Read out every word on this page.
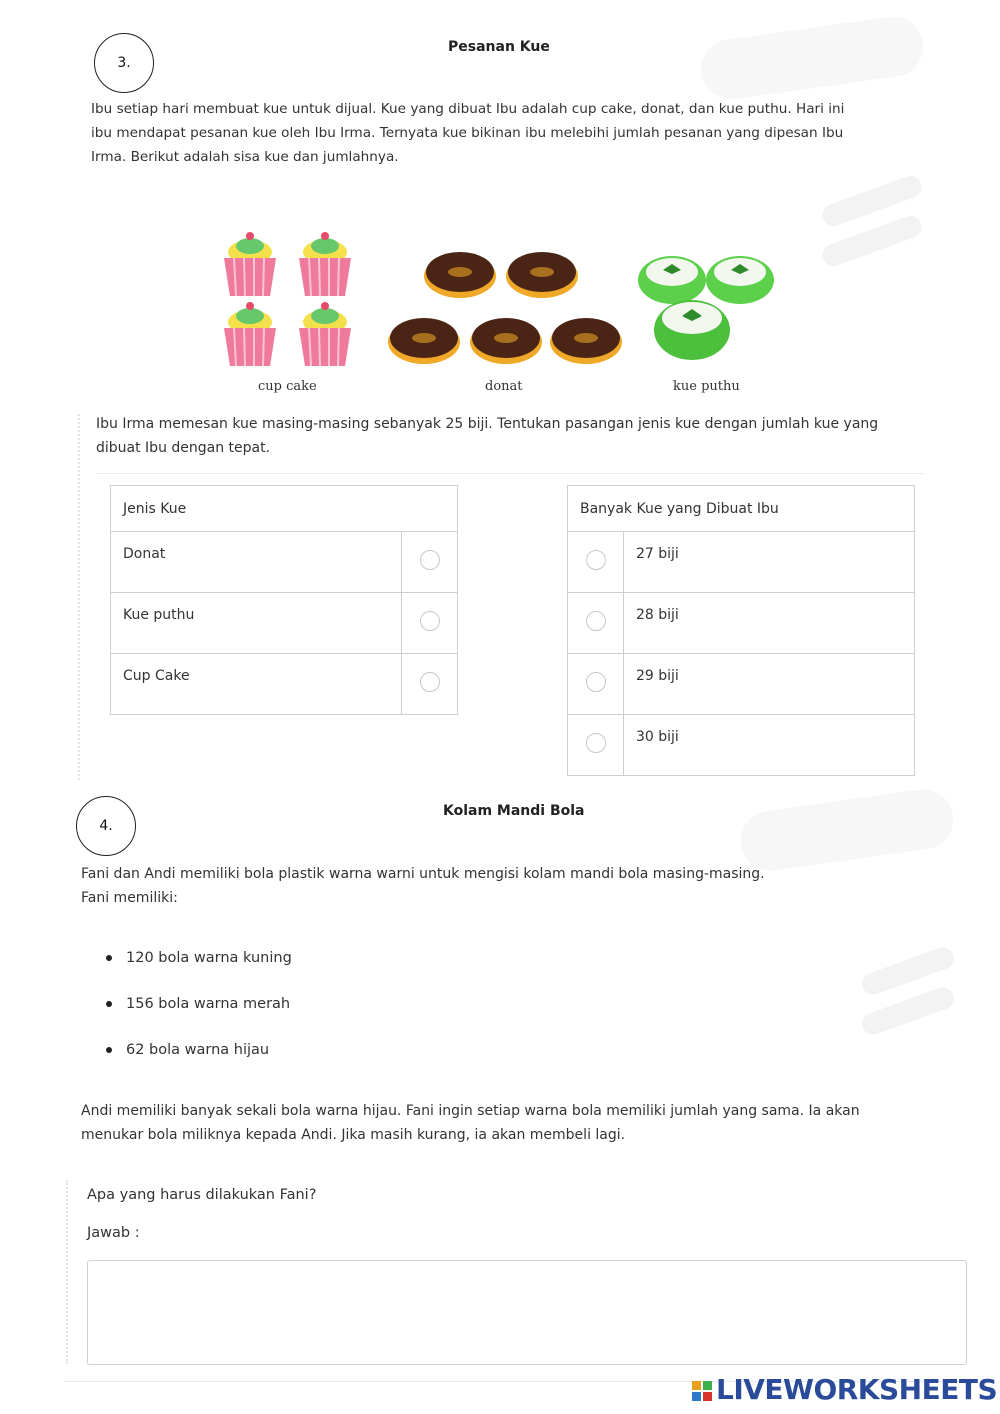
3.
Pesanan Kue
Ibu setiap hari membuat kue untuk dijual. Kue yang dibuat Ibu adalah cup cake, donat, dan kue puthu. Hari ini
ibu mendapat pesanan kue oleh Ibu Irma. Ternyata kue bikinan ibu melebihi jumlah pesanan yang dipesan Ibu
Irma. Berikut adalah sisa kue dan jumlahnya.
cup cake	donat	kue puthu
Ibu Irma memesan kue masing-masing sebanyak 25 biji. Tentukan pasangan jenis kue dengan jumlah kue yang
dibuat Ibu dengan tepat.
Jenis Kue	
Donat	
Kue puthu	
Cup Cake	
Banyak Kue yang Dibuat Ibu	
	27 biji
	28 biji
	29 biji
	30 biji
4.
Kolam Mandi Bola
Fani dan Andi memiliki bola plastik warna warni untuk mengisi kolam mandi bola masing-masing.
Fani memiliki:
120 bola warna kuning
156 bola warna merah
62 bola warna hijau
Andi memiliki banyak sekali bola warna hijau. Fani ingin setiap warna bola memiliki jumlah yang sama. Ia akan
menukar bola miliknya kepada Andi. Jika masih kurang, ia akan membeli lagi.
Apa yang harus dilakukan Fani?
Jawab :
LIVEWORKSHEETS
